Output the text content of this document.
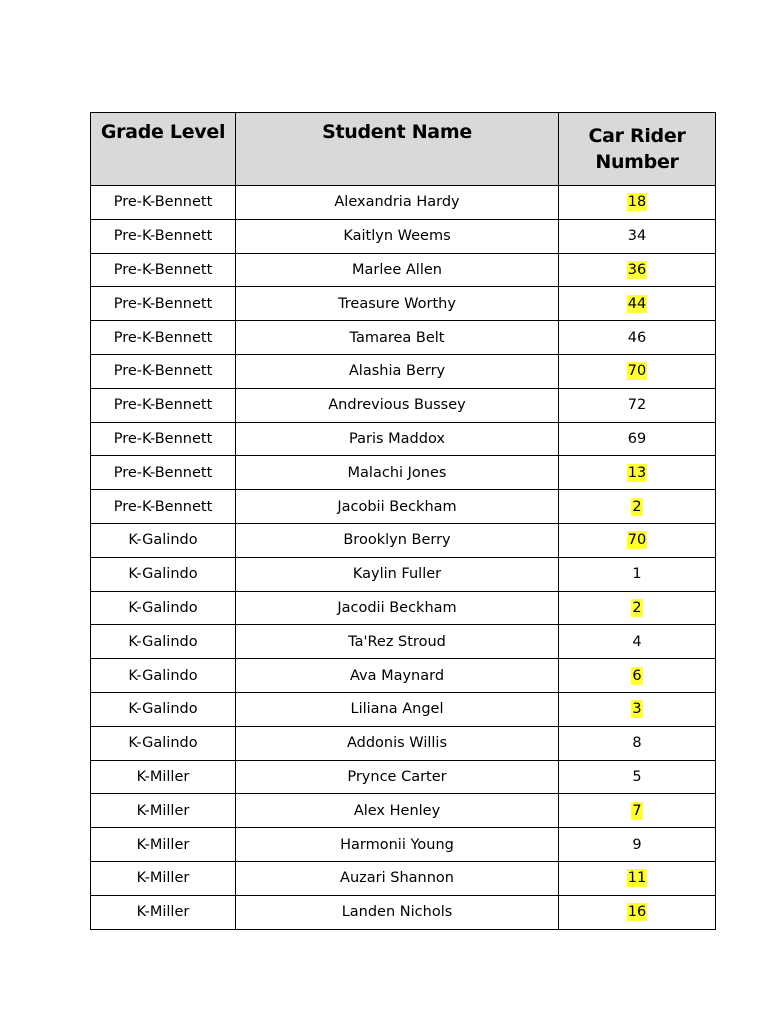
Grade Level	Student Name	Car Rider Number
Pre-K-Bennett	Alexandria Hardy	18
Pre-K-Bennett	Kaitlyn Weems	34
Pre-K-Bennett	Marlee Allen	36
Pre-K-Bennett	Treasure Worthy	44
Pre-K-Bennett	Tamarea Belt	46
Pre-K-Bennett	Alashia Berry	70
Pre-K-Bennett	Andrevious Bussey	72
Pre-K-Bennett	Paris Maddox	69
Pre-K-Bennett	Malachi Jones	13
Pre-K-Bennett	Jacobii Beckham	2
K-Galindo	Brooklyn Berry	70
K-Galindo	Kaylin Fuller	1
K-Galindo	Jacodii Beckham	2
K-Galindo	Ta'Rez Stroud	4
K-Galindo	Ava Maynard	6
K-Galindo	Liliana Angel	3
K-Galindo	Addonis Willis	8
K-Miller	Prynce Carter	5
K-Miller	Alex Henley	7
K-Miller	Harmonii Young	9
K-Miller	Auzari Shannon	11
K-Miller	Landen Nichols	16
